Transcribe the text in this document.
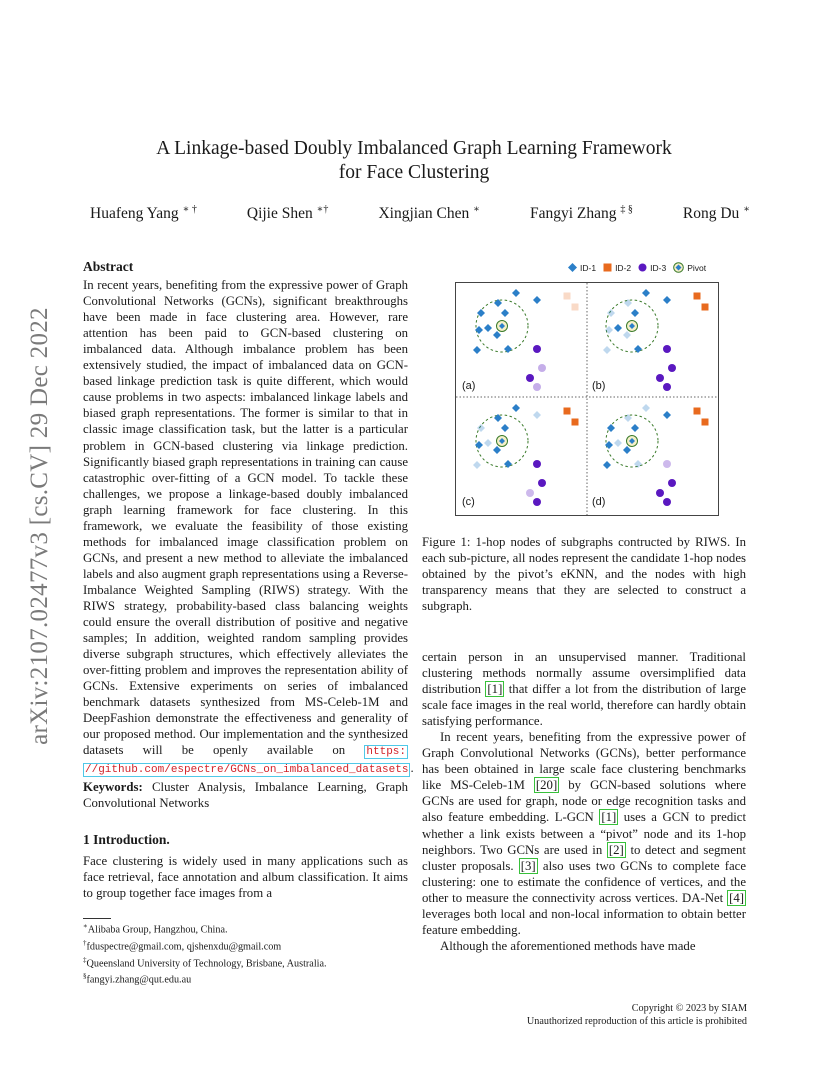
arXiv:2107.02477v3 [cs.CV] 29 Dec 2022
A Linkage-based Doubly Imbalanced Graph Learning Framework
for Face Clustering
Huafeng Yang ∗ †	Qijie Shen ∗†	Xingjian Chen ∗	Fangyi Zhang ‡ §	Rong Du ∗
Abstract

In recent years, benefiting from the expressive power of Graph Convolutional Networks (GCNs), significant breakthroughs have been made in face clustering area. However, rare attention has been paid to GCN-based clustering on imbalanced data. Although imbalance problem has been extensively studied, the impact of imbalanced data on GCN-based linkage prediction task is quite different, which would cause problems in two aspects: imbalanced linkage labels and biased graph representations. The former is similar to that in classic image classification task, but the latter is a particular problem in GCN-based clustering via linkage prediction. Significantly biased graph representations in training can cause catastrophic over-fitting of a GCN model. To tackle these challenges, we propose a linkage-based doubly imbalanced graph learning framework for face clustering. In this framework, we evaluate the feasibility of those existing methods for imbalanced image classification problem on GCNs, and present a new method to alleviate the imbalanced labels and also augment graph representations using a Reverse-Imbalance Weighted Sampling (RIWS) strategy. With the RIWS strategy, probability-based class balancing weights could ensure the overall distribution of positive and negative samples; In addition, weighted random sampling provides diverse subgraph structures, which effectively alleviates the over-fitting problem and improves the representation ability of GCNs. Extensive experiments on series of imbalanced benchmark datasets synthesized from MS-Celeb-1M and DeepFashion demonstrate the effectiveness and generality of our proposed method. Our implementation and the synthesized datasets will be openly available on https: //github.com/espectre/GCNs_on_imbalanced_datasets .

Keywords: Cluster Analysis, Imbalance Learning, Graph Convolutional Networks

1 Introduction.

Face clustering is widely used in many applications such as face retrieval, face annotation and album classification. It aims to group together face images from a

∗Alibaba Group, Hangzhou, China.
†fduspectre@gmail.com, qjshenxdu@gmail.com
‡Queensland University of Technology, Brisbane, Australia.
§fangyi.zhang@qut.edu.au
ID-1 ID-2 ID-3 Pivot
(a)	(b)
(c)	(d)
Figure 1: 1-hop nodes of subgraphs contructed by RIWS. In each sub-picture, all nodes represent the candidate 1-hop nodes obtained by the pivot’s eKNN, and the nodes with high transparency means that they are selected to construct a subgraph.

certain person in an unsupervised manner. Traditional clustering methods normally assume oversimplified data distribution [1] that differ a lot from the distribution of large scale face images in the real world, therefore can hardly obtain satisfying performance.

In recent years, benefiting from the expressive power of Graph Convolutional Networks (GCNs), better performance has been obtained in large scale face clustering benchmarks like MS-Celeb-1M [20] by GCN-based solutions where GCNs are used for graph, node or edge recognition tasks and also feature embedding. L-GCN [1] uses a GCN to predict whether a link exists between a “pivot” node and its 1-hop neighbors. Two GCNs are used in [2] to detect and segment cluster proposals. [3] also uses two GCNs to complete face clustering: one to estimate the confidence of vertices, and the other to measure the connectivity across vertices. DA-Net [4] leverages both local and non-local information to obtain better feature embedding.

Although the aforementioned methods have made

Copyright © 2023 by SIAM
Unauthorized reproduction of this article is prohibited
